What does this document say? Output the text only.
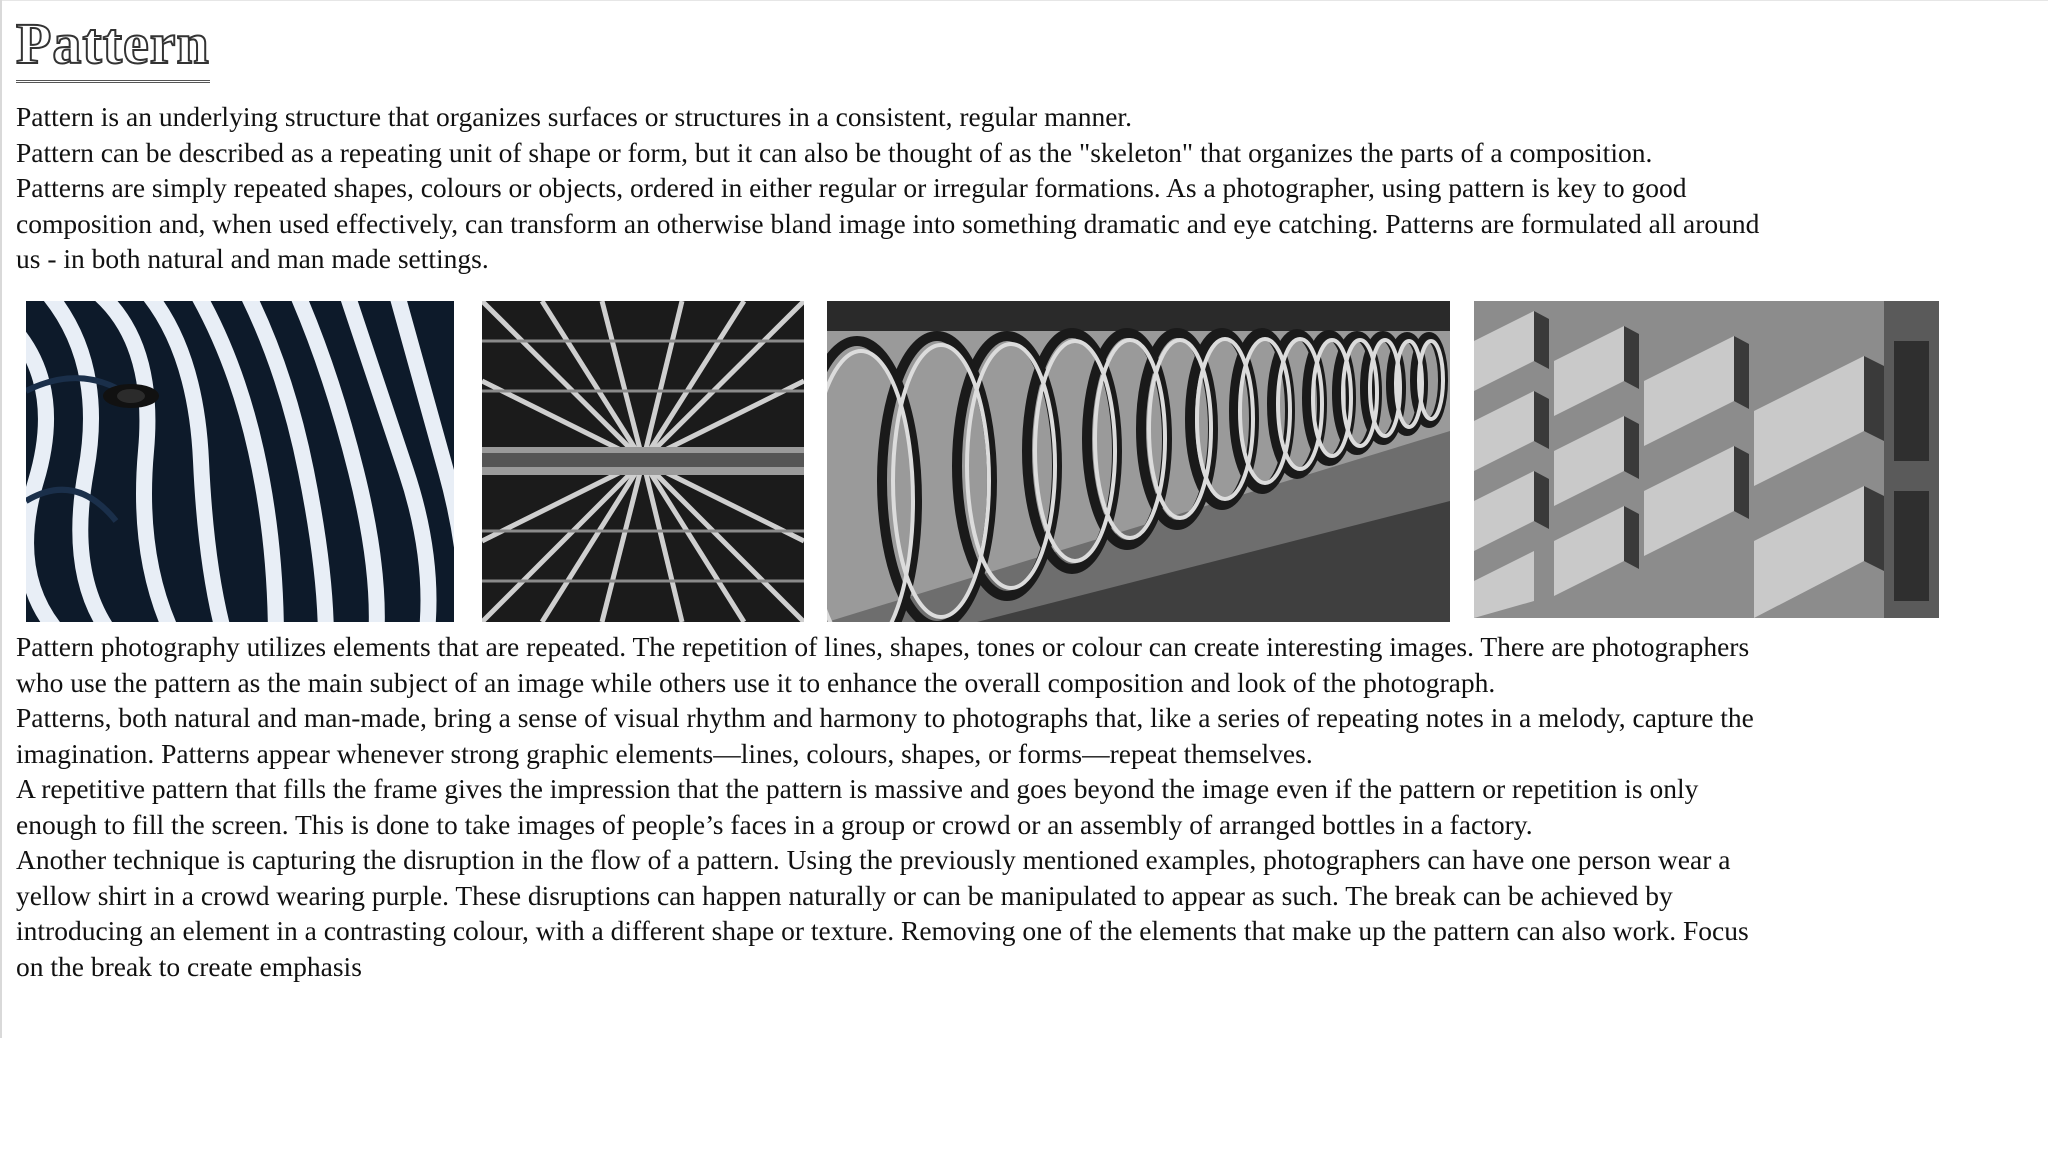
Pattern

Pattern is an underlying structure that organizes surfaces or structures in a consistent, regular manner.

Pattern can be described as a repeating unit of shape or form, but it can also be thought of as the "skeleton" that organizes the parts of a composition.

Patterns are simply repeated shapes, colours or objects, ordered in either regular or irregular formations. As a photographer, using pattern is key to good

composition and, when used effectively, can transform an otherwise bland image into something dramatic and eye catching. Patterns are formulated all around

us - in both natural and man made settings.

Pattern photography utilizes elements that are repeated. The repetition of lines, shapes, tones or colour can create interesting images. There are photographers

who use the pattern as the main subject of an image while others use it to enhance the overall composition and look of the photograph.

Patterns, both natural and man-made, bring a sense of visual rhythm and harmony to photographs that, like a series of repeating notes in a melody, capture the

imagination. Patterns appear whenever strong graphic elements—lines, colours, shapes, or forms—repeat themselves.

A repetitive pattern that fills the frame gives the impression that the pattern is massive and goes beyond the image even if the pattern or repetition is only

enough to fill the screen. This is done to take images of people’s faces in a group or crowd or an assembly of arranged bottles in a factory.

Another technique is capturing the disruption in the flow of a pattern. Using the previously mentioned examples, photographers can have one person wear a

yellow shirt in a crowd wearing purple. These disruptions can happen naturally or can be manipulated to appear as such. The break can be achieved by

introducing an element in a contrasting colour, with a different shape or texture. Removing one of the elements that make up the pattern can also work. Focus

on the break to create emphasis
